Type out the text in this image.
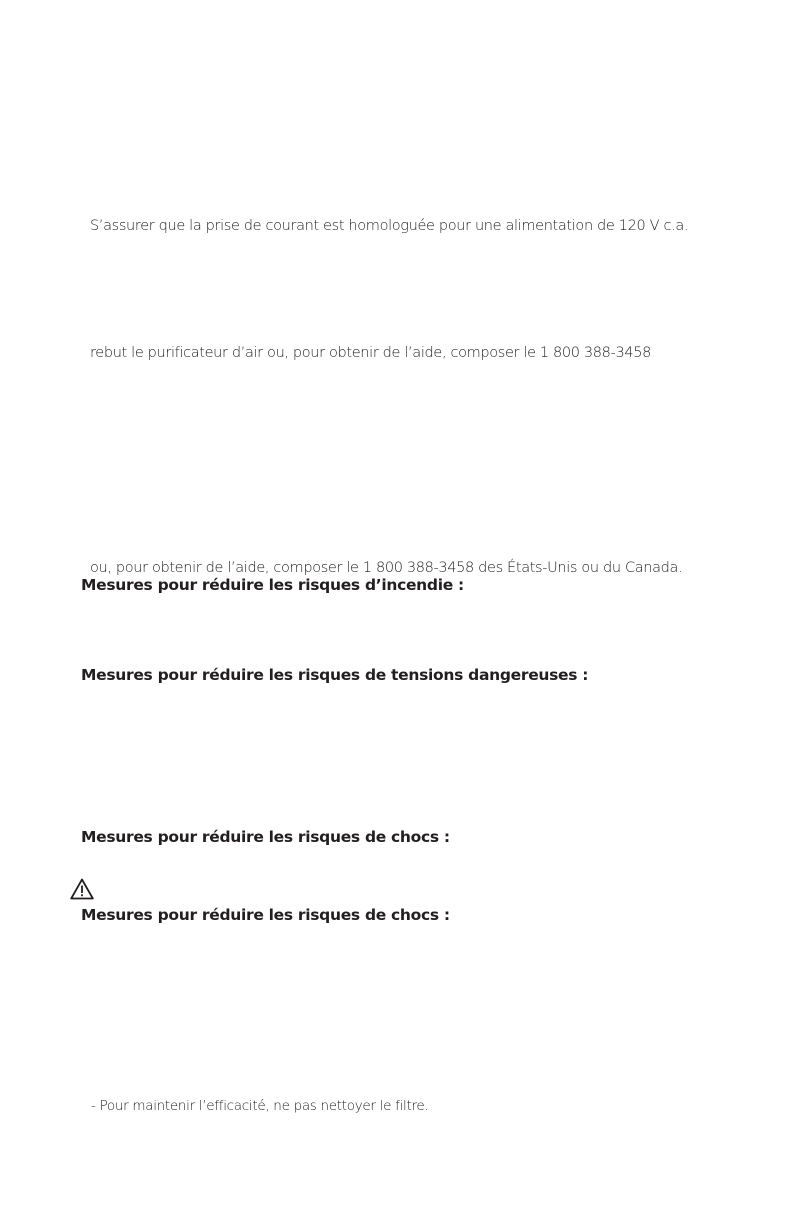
S’assurer que la prise de courant est homologuée pour une alimentation de 120 V c.a.
rebut le purificateur d’air ou, pour obtenir de l’aide, composer le 1 800 388-3458
ou, pour obtenir de l’aide, composer le 1 800 388-3458 des États-Unis ou du Canada.
Mesures pour réduire les risques d’incendie :
Mesures pour réduire les risques de tensions dangereuses :
Mesures pour réduire les risques de chocs :
Mesures pour réduire les risques de chocs :
- Pour maintenir l’efficacité, ne pas nettoyer le filtre.
